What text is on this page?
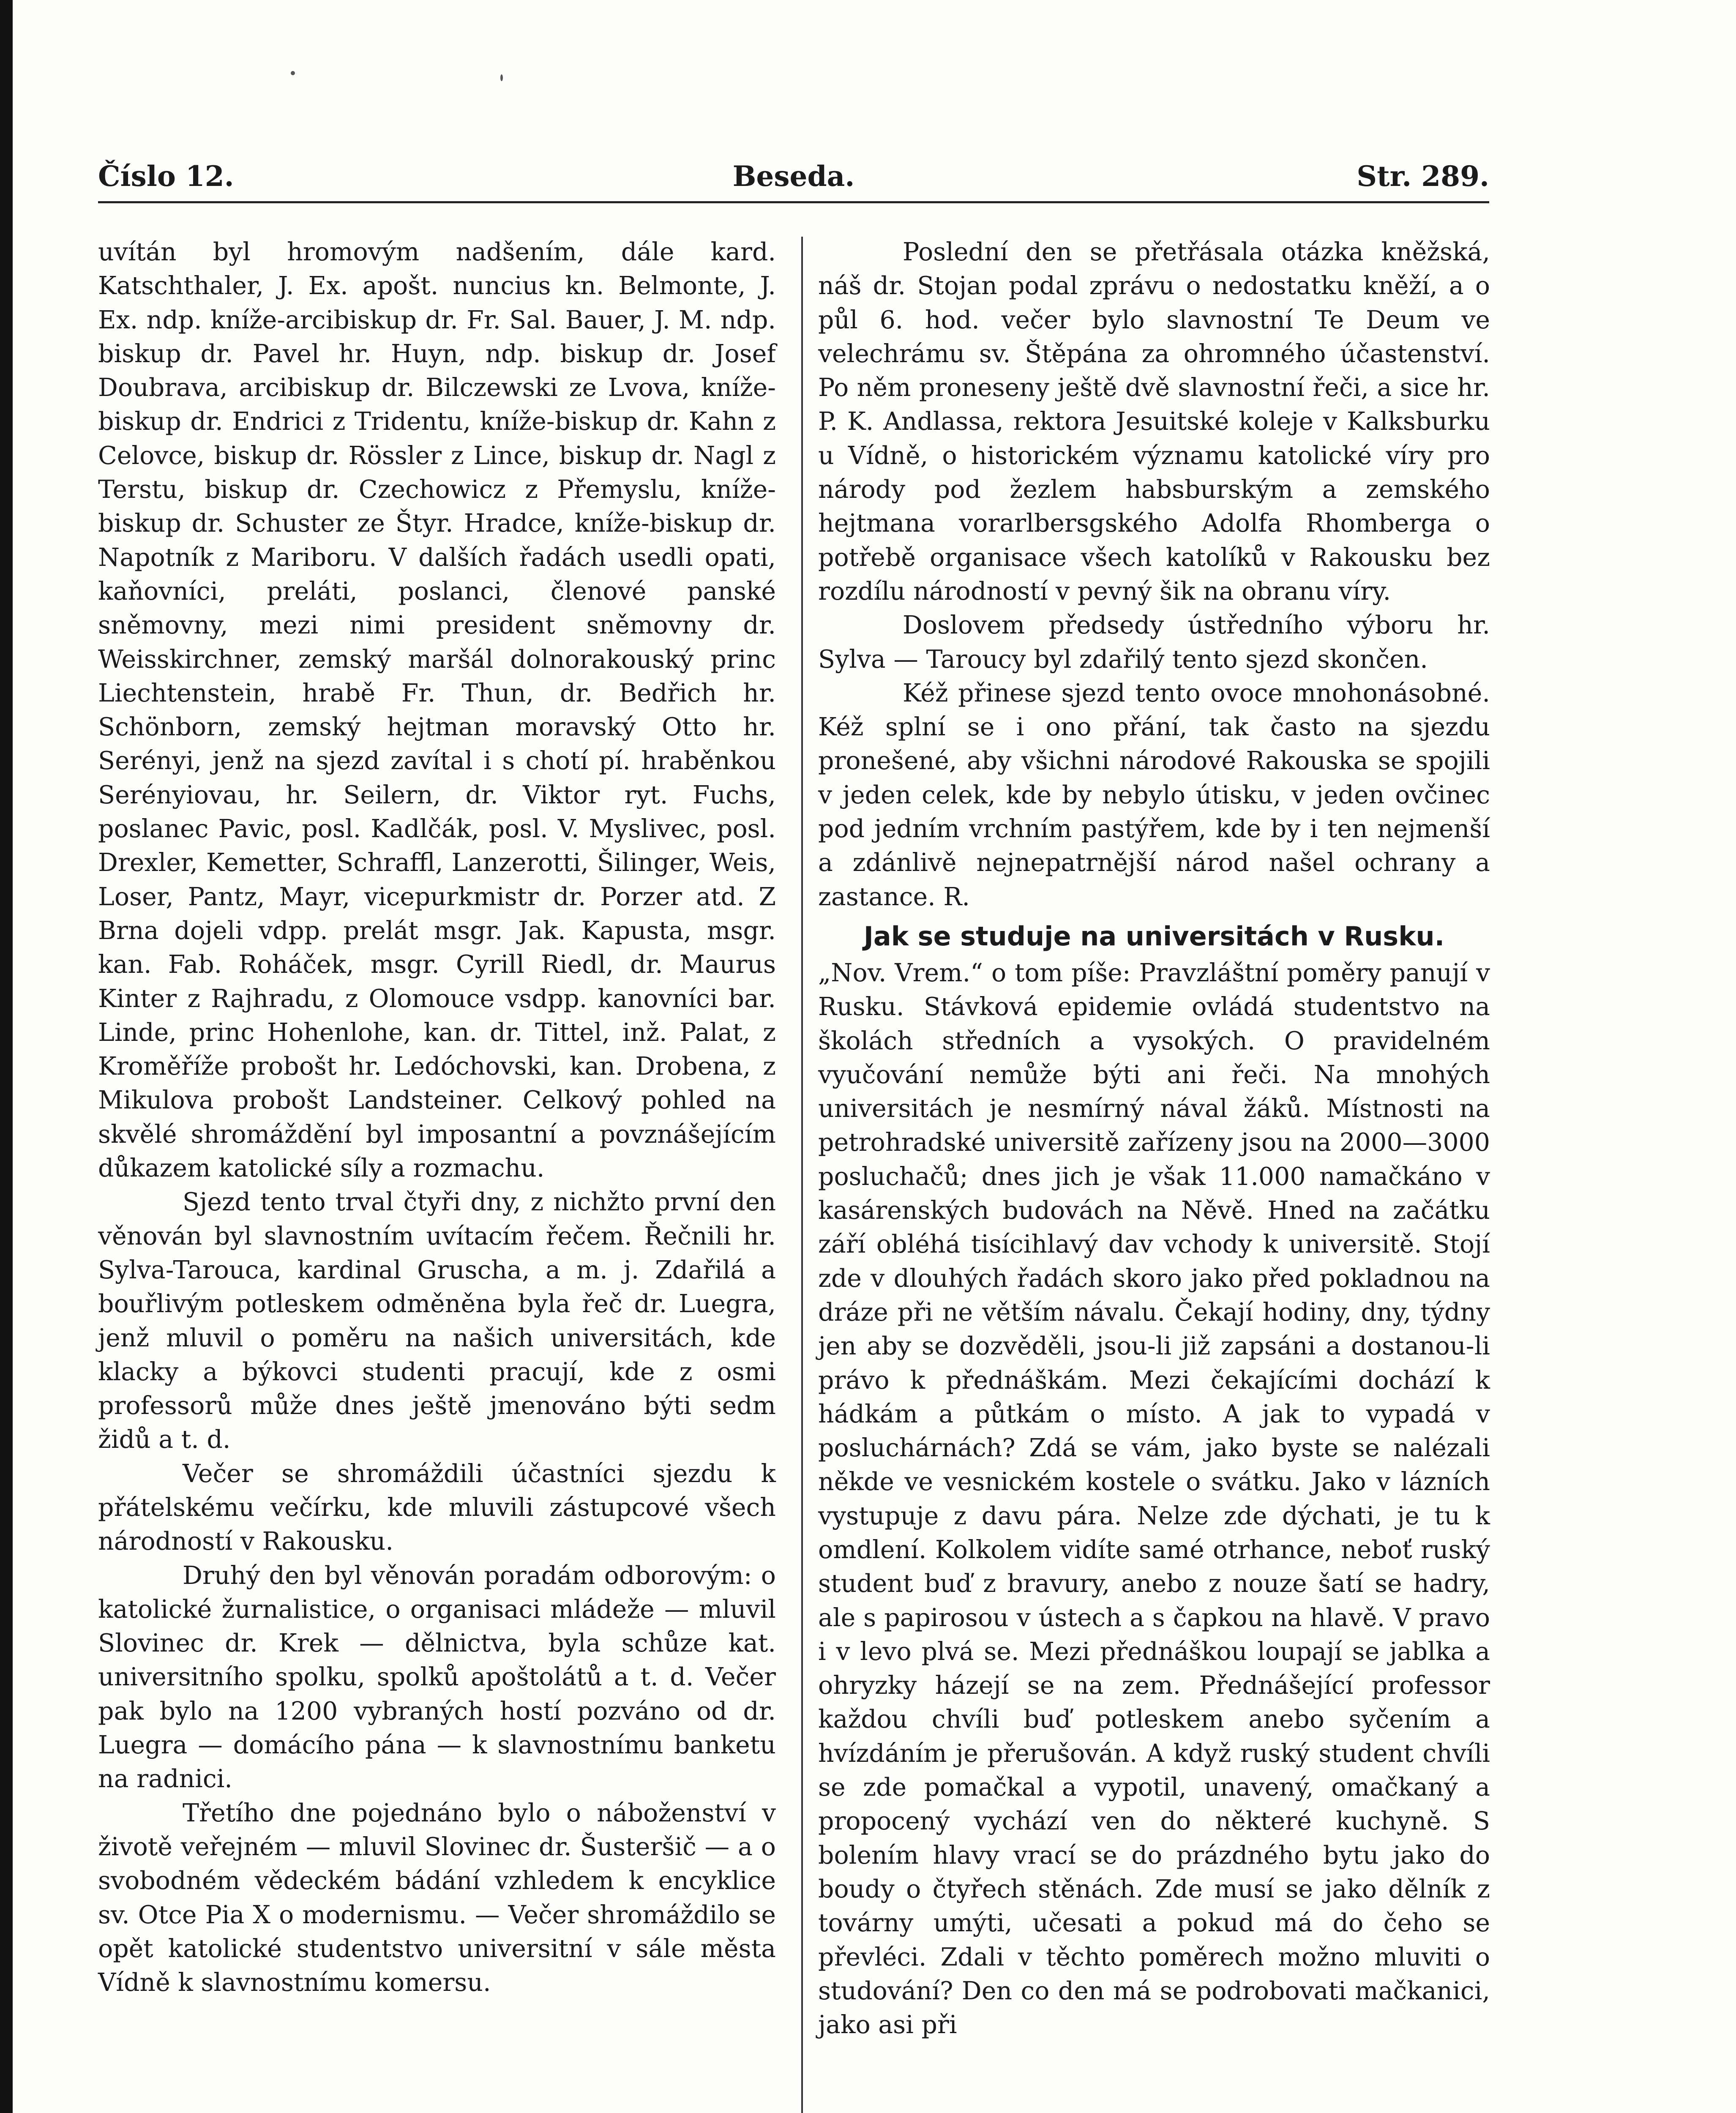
Číslo 12.	Beseda.	Str. 289.

uvítán byl hromovým nadšením, dále kard. Katschthaler, J. Ex. apošt. nuncius kn. Belmonte, J. Ex. ndp. kníže-arcibiskup dr. Fr. Sal. Bauer, J. M. ndp. biskup dr. Pavel hr. Huyn, ndp. biskup dr. Josef Doubrava, arcibiskup dr. Bilczewski ze Lvova, kníže-biskup dr. Endrici z Tridentu, kníže-biskup dr. Kahn z Celovce, biskup dr. Rössler z Lince, biskup dr. Nagl z Terstu, biskup dr. Czechowicz z Přemyslu, kníže-biskup dr. Schuster ze Štyr. Hradce, kníže-biskup dr. Napotník z Mariboru. V dalších řadách usedli opati, kaňovníci, preláti, poslanci, členové panské sněmovny, mezi nimi president sněmovny dr. Weisskirchner, zemský maršál dolnorakouský princ Liechtenstein, hrabě Fr. Thun, dr. Bedřich hr. Schönborn, zemský hejtman moravský Otto hr. Serényi, jenž na sjezd zavítal i s chotí pí. hraběnkou Serényiovau, hr. Seilern, dr. Viktor ryt. Fuchs, poslanec Pavic, posl. Kadlčák, posl. V. Myslivec, posl. Drexler, Kemetter, Schraffl, Lanzerotti, Šilinger, Weis, Loser, Pantz, Mayr, vicepurkmistr dr. Porzer atd. Z Brna dojeli vdpp. prelát msgr. Jak. Kapusta, msgr. kan. Fab. Roháček, msgr. Cyrill Riedl, dr. Maurus Kinter z Rajhradu, z Olomouce vsdpp. kanovníci bar. Linde, princ Hohenlohe, kan. dr. Tittel, inž. Palat, z Kroměříže probošt hr. Ledóchovski, kan. Drobena, z Mikulova probošt Landsteiner. Celkový pohled na skvělé shromáždění byl imposantní a povznášejícím důkazem katolické síly a rozmachu.

Sjezd tento trval čtyři dny, z nichžto první den věnován byl slavnostním uvítacím řečem. Řečnili hr. Sylva-Tarouca, kardinal Gruscha, a m. j. Zdařilá a bouřlivým potleskem odměněna byla řeč dr. Luegra, jenž mluvil o poměru na našich universitách, kde klacky a býkovci studenti pracují, kde z osmi professorů může dnes ještě jmenováno býti sedm židů a t. d.

Večer se shromáždili účastníci sjezdu k přátelskému večírku, kde mluvili zástupcové všech národností v Rakousku.

Druhý den byl věnován poradám odborovým: o katolické žurnalistice, o organisaci mládeže — mluvil Slovinec dr. Krek — dělnictva, byla schůze kat. universitního spolku, spolků apoštolátů a t. d. Večer pak bylo na 1200 vybraných hostí pozváno od dr. Luegra — domácího pána — k slavnostnímu banketu na radnici.

Třetího dne pojednáno bylo o náboženství v životě veřejném — mluvil Slovinec dr. Šusteršič — a o svobodném vědeckém bádání vzhledem k encyklice sv. Otce Pia X o modernismu. — Večer shromáždilo se opět katolické studentstvo universitní v sále města Vídně k slavnostnímu komersu.

Poslední den se přetřásala otázka kněžská, náš dr. Stojan podal zprávu o nedostatku kněží, a o půl 6. hod. večer bylo slavnostní Te Deum ve velechrámu sv. Štěpána za ohromného účastenství. Po něm proneseny ještě dvě slavnostní řeči, a sice hr. P. K. Andlassa, rektora Jesuitské koleje v Kalksburku u Vídně, o historickém významu katolické víry pro národy pod žezlem habsburským a zemského hejtmana vorarlbersgského Adolfa Rhomberga o potřebě organisace všech katolíků v Rakousku bez rozdílu národností v pevný šik na obranu víry.

Doslovem předsedy ústředního výboru hr. Sylva — Taroucy byl zdařilý tento sjezd skončen.

Kéž přinese sjezd tento ovoce mnohonásobné. Kéž splní se i ono přání, tak často na sjezdu pronešené, aby všichni národové Rakouska se spojili v jeden celek, kde by nebylo útisku, v jeden ovčinec pod jedním vrchním pastýřem, kde by i ten nejmenší a zdánlivě nejnepatrnější národ našel ochrany a zastance. R.

Jak se studuje na universitách v Rusku.

„Nov. Vrem.“ o tom píše: Pravzláštní poměry panují v Rusku. Stávková epidemie ovládá studentstvo na školách středních a vysokých. O pravidelném vyučování nemůže býti ani řeči. Na mnohých universitách je nesmírný nával žáků. Místnosti na petrohradské universitě zařízeny jsou na 2000—3000 posluchačů; dnes jich je však 11.000 namačkáno v kasárenských budovách na Něvě. Hned na začátku září obléhá tisícihlavý dav vchody k universitě. Stojí zde v dlouhých řadách skoro jako před pokladnou na dráze při ne větším návalu. Čekají hodiny, dny, týdny jen aby se dozvěděli, jsou-li již zapsáni a dostanou-li právo k přednáškám. Mezi čekajícími dochází k hádkám a půtkám o místo. A jak to vypadá v posluchárnách? Zdá se vám, jako byste se nalézali někde ve vesnickém kostele o svátku. Jako v lázních vystupuje z davu pára. Nelze zde dýchati, je tu k omdlení. Kolkolem vidíte samé otrhance, neboť ruský student buď z bravury, anebo z nouze šatí se hadry, ale s papirosou v ústech a s čapkou na hlavě. V pravo i v levo plvá se. Mezi přednáškou loupají se jablka a ohryzky házejí se na zem. Přednášející professor každou chvíli buď potleskem anebo syčením a hvízdáním je přerušován. A když ruský student chvíli se zde pomačkal a vypotil, unavený, omačkaný a propocený vychází ven do některé kuchyně. S bolením hlavy vrací se do prázdného bytu jako do boudy o čtyřech stěnách. Zde musí se jako dělník z továrny umýti, učesati a pokud má do čeho se převléci. Zdali v těchto poměrech možno mluviti o studování? Den co den má se podrobovati mačkanici, jako asi při
